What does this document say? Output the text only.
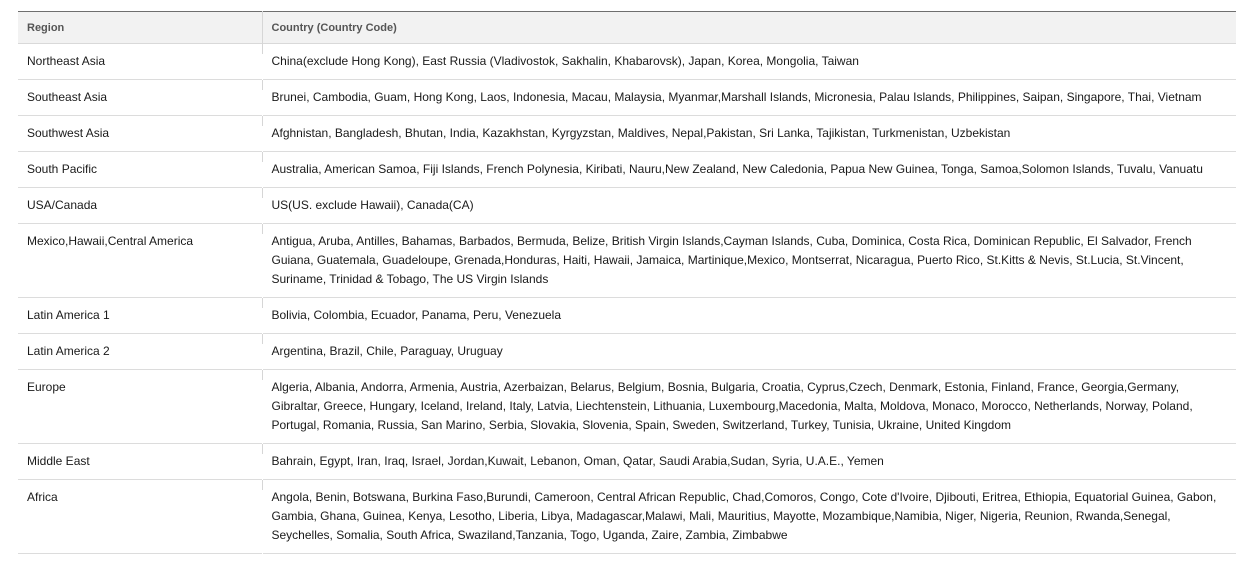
Region	Country (Country Code)
Northeast Asia	China(exclude Hong Kong), East Russia (Vladivostok, Sakhalin, Khabarovsk), Japan, Korea, Mongolia, Taiwan
Southeast Asia	Brunei, Cambodia, Guam, Hong Kong, Laos, Indonesia, Macau, Malaysia, Myanmar,Marshall Islands, Micronesia, Palau Islands, Philippines, Saipan, Singapore, Thai, Vietnam
Southwest Asia	Afghnistan, Bangladesh, Bhutan, India, Kazakhstan, Kyrgyzstan, Maldives, Nepal,Pakistan, Sri Lanka, Tajikistan, Turkmenistan, Uzbekistan
South Pacific	Australia, American Samoa, Fiji Islands, French Polynesia, Kiribati, Nauru,New Zealand, New Caledonia, Papua New Guinea, Tonga, Samoa,Solomon Islands, Tuvalu, Vanuatu
USA/Canada	US(US. exclude Hawaii), Canada(CA)
Mexico,Hawaii,Central America	Antigua, Aruba, Antilles, Bahamas, Barbados, Bermuda, Belize, British Virgin Islands,Cayman Islands, Cuba, Dominica, Costa Rica, Dominican Republic, El Salvador, French Guiana, Guatemala, Guadeloupe, Grenada,Honduras, Haiti, Hawaii, Jamaica, Martinique,Mexico, Montserrat, Nicaragua, Puerto Rico, St.Kitts & Nevis, St.Lucia, St.Vincent, Suriname, Trinidad & Tobago, The US Virgin Islands
Latin America 1	Bolivia, Colombia, Ecuador, Panama, Peru, Venezuela
Latin America 2	Argentina, Brazil, Chile, Paraguay, Uruguay
Europe	Algeria, Albania, Andorra, Armenia, Austria, Azerbaizan, Belarus, Belgium, Bosnia, Bulgaria, Croatia, Cyprus,Czech, Denmark, Estonia, Finland, France, Georgia,Germany, Gibraltar, Greece, Hungary, Iceland, Ireland, Italy, Latvia, Liechtenstein, Lithuania, Luxembourg,Macedonia, Malta, Moldova, Monaco, Morocco, Netherlands, Norway, Poland, Portugal, Romania, Russia, San Marino, Serbia, Slovakia, Slovenia, Spain, Sweden, Switzerland, Turkey, Tunisia, Ukraine, United Kingdom
Middle East	Bahrain, Egypt, Iran, Iraq, Israel, Jordan,Kuwait, Lebanon, Oman, Qatar, Saudi Arabia,Sudan, Syria, U.A.E., Yemen
Africa	Angola, Benin, Botswana, Burkina Faso,Burundi, Cameroon, Central African Republic, Chad,Comoros, Congo, Cote d'Ivoire, Djibouti, Eritrea, Ethiopia, Equatorial Guinea, Gabon, Gambia, Ghana, Guinea, Kenya, Lesotho, Liberia, Libya, Madagascar,Malawi, Mali, Mauritius, Mayotte, Mozambique,Namibia, Niger, Nigeria, Reunion, Rwanda,Senegal, Seychelles, Somalia, South Africa, Swaziland,Tanzania, Togo, Uganda, Zaire, Zambia, Zimbabwe
